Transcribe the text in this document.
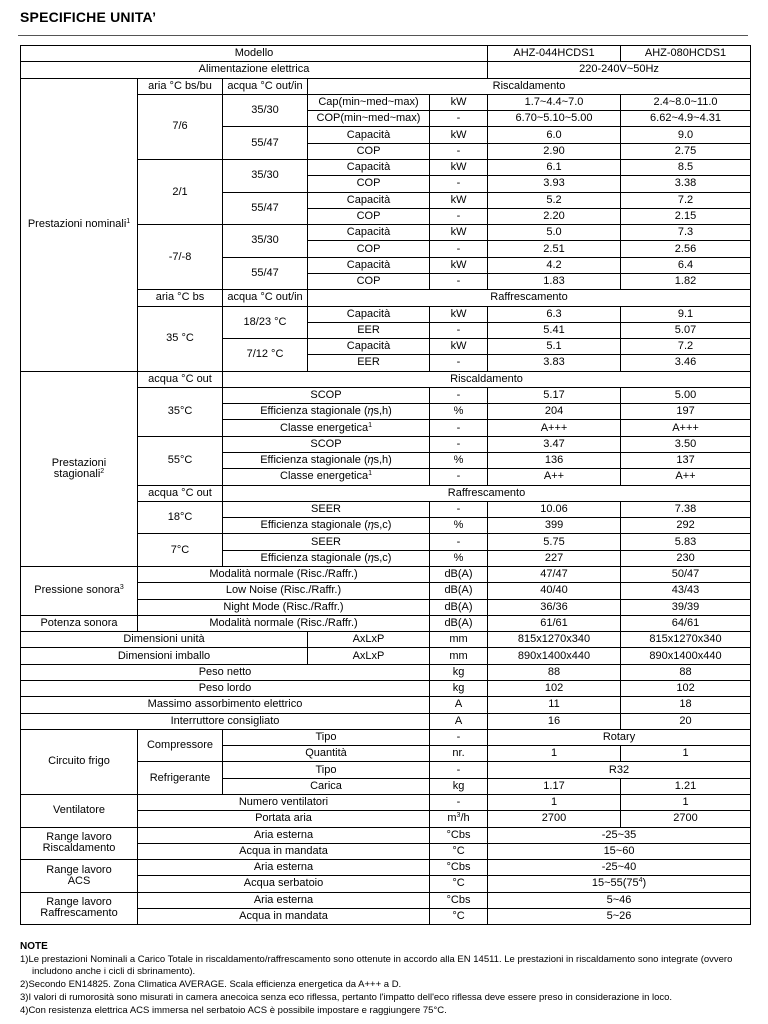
SPECIFICHE UNITA’
Modello					AHZ-044HCDS1	AHZ-080HCDS1
Alimentazione elettrica					220-240V~50Hz	
Prestazioni nominali$^1$	aria °C bs/bu	acqua °C out/in	Riscaldamento			
	7/6	35/30	Cap(min~med~max)	kW	1.7~4.4~7.0	2.4~8.0~11.0
			COP(min~med~max)	-	6.70~5.10~5.00	6.62~4.9~4.31
		55/47	Capacità	kW	6.0	9.0
			COP	-	2.90	2.75
	2/1	35/30	Capacità	kW	6.1	8.5
			COP	-	3.93	3.38
		55/47	Capacità	kW	5.2	7.2
			COP	-	2.20	2.15
	-7/-8	35/30	Capacità	kW	5.0	7.3
			COP	-	2.51	2.56
		55/47	Capacità	kW	4.2	6.4
			COP	-	1.83	1.82
	aria °C bs	acqua °C out/in	Raffrescamento			
	35 °C	18/23 °C	Capacità	kW	6.3	9.1
			EER	-	5.41	5.07
		7/12 °C	Capacità	kW	5.1	7.2
			EER	-	3.83	3.46
Prestazioni
stagionali$^2$	acqua °C out	Riscaldamento				
	35°C	SCOP		-	5.17	5.00
		Efficienza stagionale (𝜂s,h)		%	204	197
		Classe energetica$^1$		-	A+++	A+++
	55°C	SCOP		-	3.47	3.50
		Efficienza stagionale (𝜂s,h)		%	136	137
		Classe energetica$^1$		-	A++	A++
	acqua °C out	Raffrescamento				
	18°C	SEER		-	10.06	7.38
		Efficienza stagionale (𝜂s,c)		%	399	292
	7°C	SEER		-	5.75	5.83
		Efficienza stagionale (𝜂s,c)		%	227	230
Pressione sonora$^3$	Modalità normale (Risc./Raffr.)			dB(A)	47/47	50/47
	Low Noise (Risc./Raffr.)			dB(A)	40/40	43/43
	Night Mode (Risc./Raffr.)			dB(A)	36/36	39/39
Potenza sonora	Modalità normale (Risc./Raffr.)			dB(A)	61/61	64/61
Dimensioni unità			AxLxP	mm	815x1270x340	815x1270x340
Dimensioni imballo			AxLxP	mm	890x1400x440	890x1400x440
Peso netto				kg	88	88
Peso lordo				kg	102	102
Massimo assorbimento elettrico				A	11	18
Interruttore consigliato				A	16	20
Circuito frigo	Compressore	Tipo		-	Rotary	
		Quantità		nr.	1	1
	Refrigerante	Tipo		-	R32	
		Carica		kg	1.17	1.21
Ventilatore	Numero ventilatori			-	1	1
	Portata aria			$m^3/h$	2700	2700
Range lavoro
Riscaldamento	Aria esterna			°Cbs	-25~35	
	Acqua in mandata			°C	15~60	
Range lavoro
ACS	Aria esterna			°Cbs	-25~40	
	Acqua serbatoio			°C	$15\sim 55(75^4)$	
Range lavoro
Raffrescamento	Aria esterna			°Cbs	5~46	
	Acqua in mandata			°C	5~26	
NOTE
1)Le prestazioni Nominali a Carico Totale in riscaldamento/raffrescamento sono ottenute in accordo alla EN 14511. Le prestazioni in riscaldamento sono integrate (ovvero includono anche i cicli di sbrinamento).
2)Secondo EN14825. Zona Climatica AVERAGE. Scala efficienza energetica da A+++ a D.
3)I valori di rumorosità sono misurati in camera anecoica senza eco riflessa, pertanto l'impatto dell'eco riflessa deve essere preso in considerazione in loco.
4)Con resistenza elettrica ACS immersa nel serbatoio ACS è possibile impostare e raggiungere 75°C.
